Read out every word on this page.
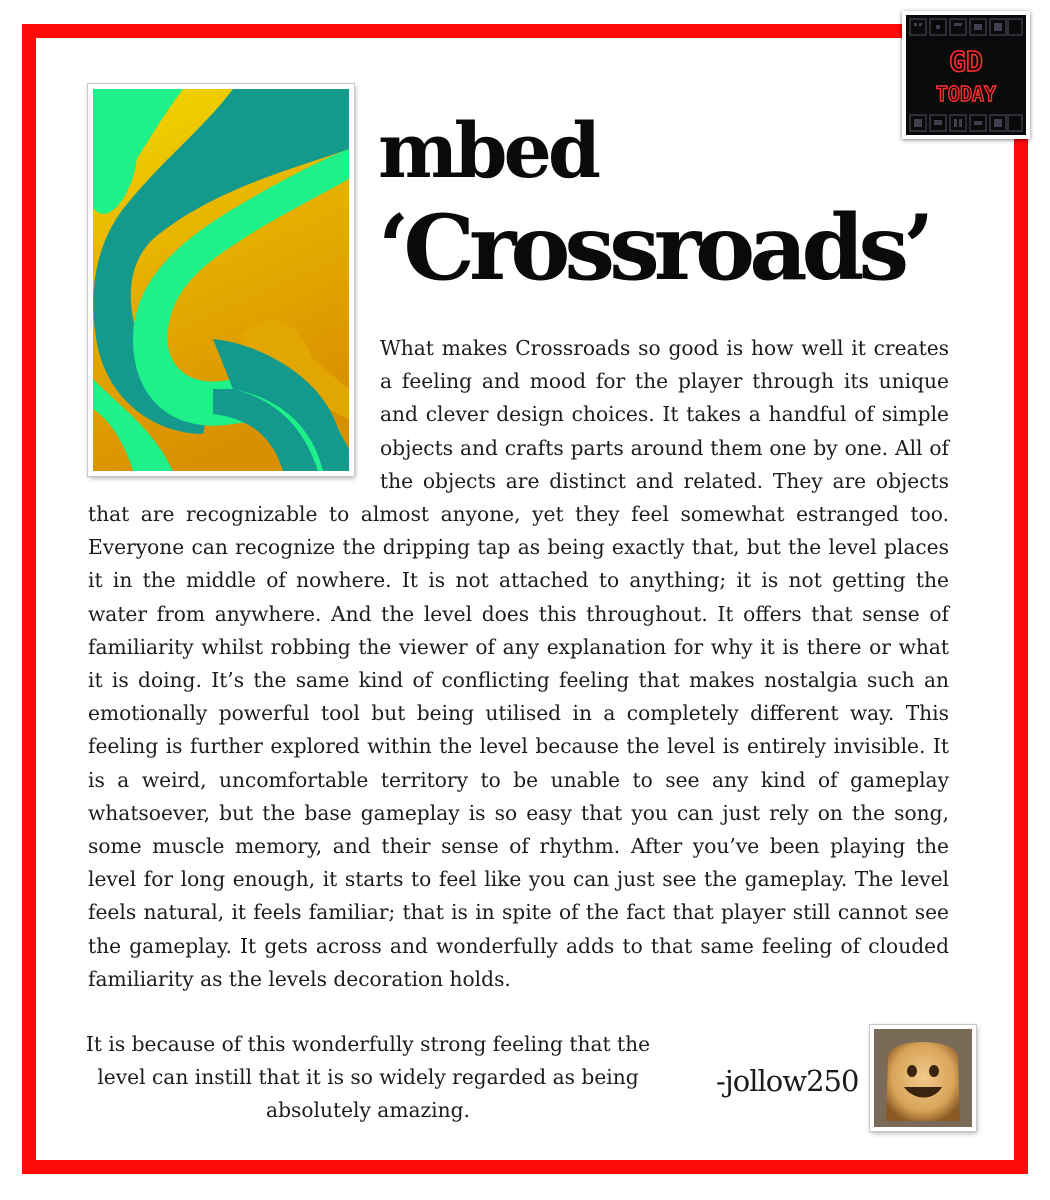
GD
TODAY
mbed
‘Crossroads’
What makes Crossroads so good is how well it creates a feeling and mood for the player through its unique and clever design choices. It takes a handful of simple objects and crafts parts around them one by one. All of the objects are distinct and related. They are objects that are recognizable to almost anyone, yet they feel somewhat estranged too. Everyone can recognize the dripping tap as being exactly that, but the level places it in the middle of nowhere. It is not attached to anything; it is not getting the water from anywhere. And the level does this throughout. It offers that sense of familiarity whilst robbing the viewer of any explanation for why it is there or what it is doing. It’s the same kind of conflicting feeling that makes nostalgia such an emotionally powerful tool but being utilised in a completely different way. This feeling is further explored within the level because the level is entirely invisible. It is a weird, uncomfortable territory to be unable to see any kind of gameplay whatsoever, but the base gameplay is so easy that you can just rely on the song, some muscle memory, and their sense of rhythm. After you’ve been playing the level for long enough, it starts to feel like you can just see the gameplay. The level feels natural, it feels familiar; that is in spite of the fact that player still cannot see the gameplay. It gets across and wonderfully adds to that same feeling of clouded familiarity as the levels decoration holds.
It is because of this wonderfully strong feeling that the level can instill that it is so widely regarded as being absolutely amazing.
-jollow250
